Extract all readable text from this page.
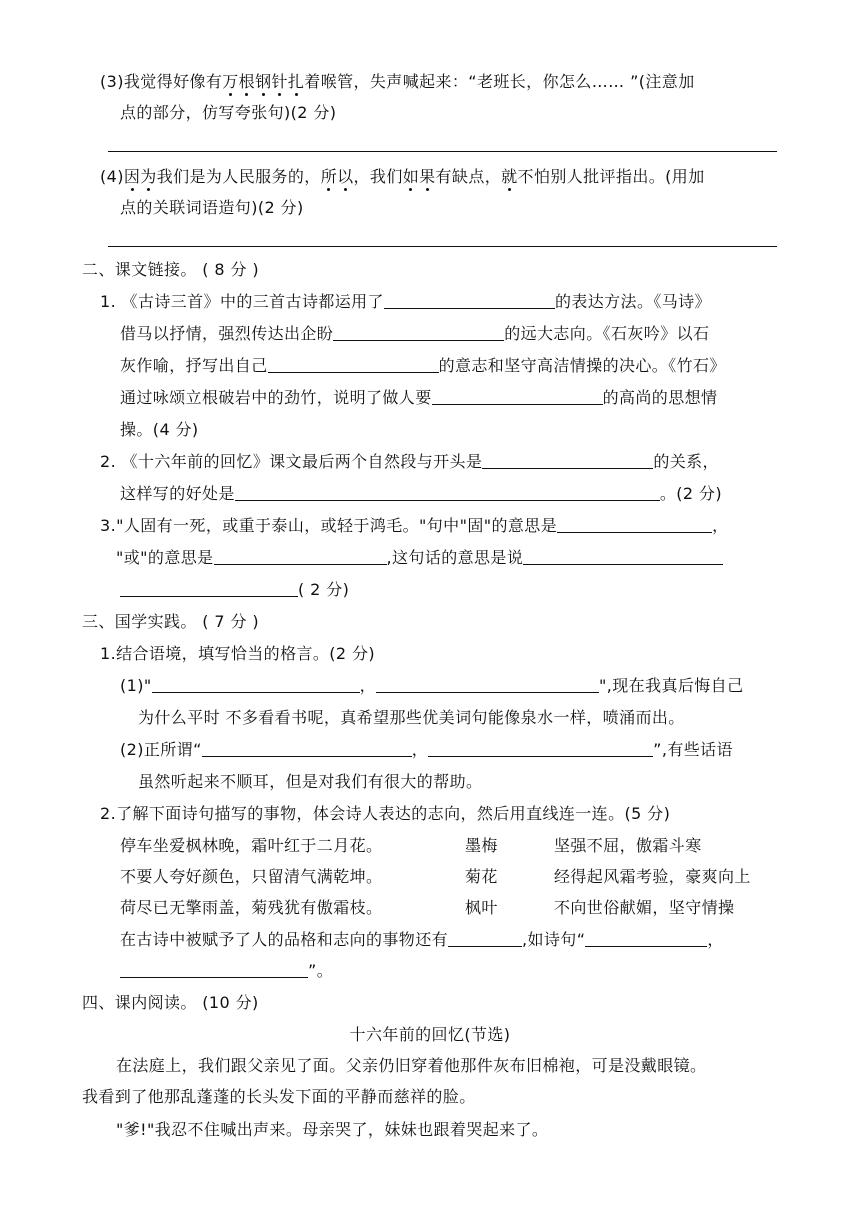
(3)我觉得好像有万根钢针扎着喉管，失声喊起来：“老班长，你怎么…… ”(注意加
点的部分，仿写夸张句)(2 分)
(4)因为我们是为人民服务的，所以，我们如果有缺点，就不怕别人批评指出。(用加
点的关联词语造句)(2 分)
二、课文链接。 ( 8 分 )
1. 《古诗三首》中的三首古诗都运用了	的表达方法。《马诗》
借马以抒情，强烈传达出企盼	的远大志向。《石灰吟》以石
灰作喻，抒写出自己	的意志和坚守高洁情操的决心。《竹石》
通过咏颂立根破岩中的劲竹，说明了做人要	的高尚的思想情
操。(4 分)
2. 《十六年前的回忆》课文最后两个自然段与开头是	的关系，
这样写的好处是	。(2 分)
3."人固有一死，或重于泰山，或轻于鸿毛。"句中"固"的意思是	，
"或"的意思是	,这句话的意思是说
( 2 分)
三、国学实践。 ( 7 分 )
1.结合语境，填写恰当的格言。(2 分)
(1)"	，	",现在我真后悔自己
为什么平时 不多看看书呢，真希望那些优美词句能像泉水一样，喷涌而出。
(2)正所谓“	，	”,有些话语
虽然听起来不顺耳，但是对我们有很大的帮助。
2.了解下面诗句描写的事物，体会诗人表达的志向，然后用直线连一连。(5 分)
停车坐爱枫林晚，霜叶红于二月花。	墨梅	坚强不屈，傲霜斗寒
不要人夸好颜色，只留清气满乾坤。	菊花	经得起风霜考验，豪爽向上
荷尽已无擎雨盖，菊残犹有傲霜枝。	枫叶	不向世俗献媚，坚守情操
在古诗中被赋予了人的品格和志向的事物还有	,如诗句“	，
”。
四、课内阅读。 (10 分)
十六年前的回忆(节选)
在法庭上，我们跟父亲见了面。父亲仍旧穿着他那件灰布旧棉袍，可是没戴眼镜。
我看到了他那乱蓬蓬的长头发下面的平静而慈祥的脸。
"爹!"我忍不住喊出声来。母亲哭了，妹妹也跟着哭起来了。
